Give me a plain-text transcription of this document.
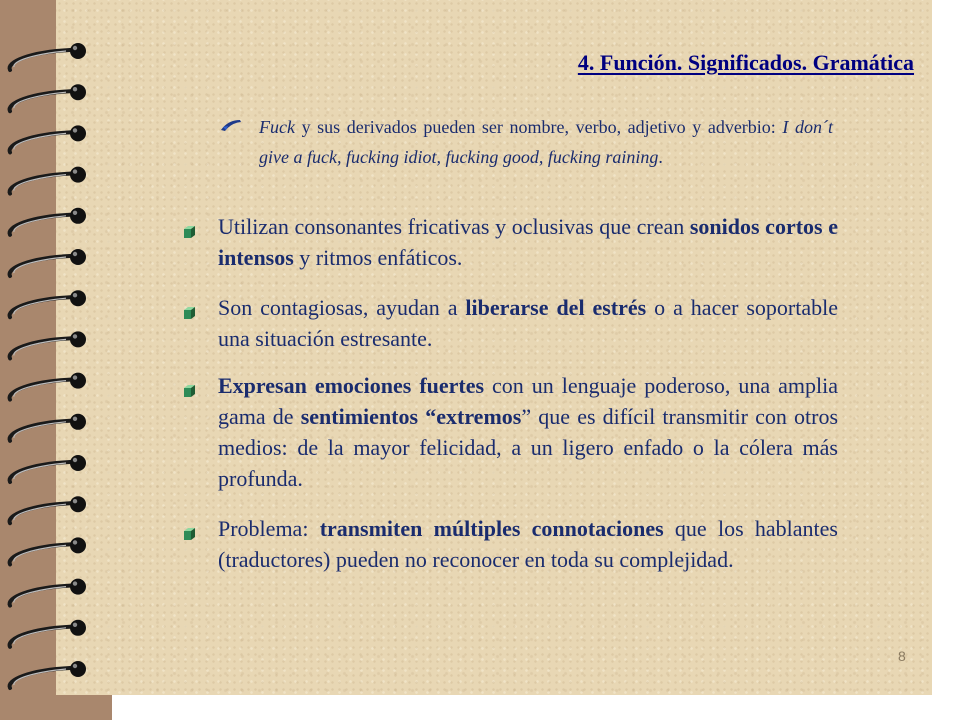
4. Función. Significados. Gramática
Fuck y sus derivados pueden ser nombre, verbo, adjetivo y adverbio: I don´t give a fuck, fucking idiot, fucking good, fucking raining.
Utilizan consonantes fricativas y oclusivas que crean sonidos cortos e intensos y ritmos enfáticos.
Son contagiosas, ayudan a liberarse del estrés o a hacer soportable una situación estresante.
Expresan emociones fuertes con un lenguaje poderoso, una amplia gama de sentimientos “extremos” que es difícil transmitir con otros medios: de la mayor felicidad, a un ligero enfado o la cólera más profunda.
Problema: transmiten múltiples connotaciones que los hablantes (traductores) pueden no reconocer en toda su complejidad.
8
